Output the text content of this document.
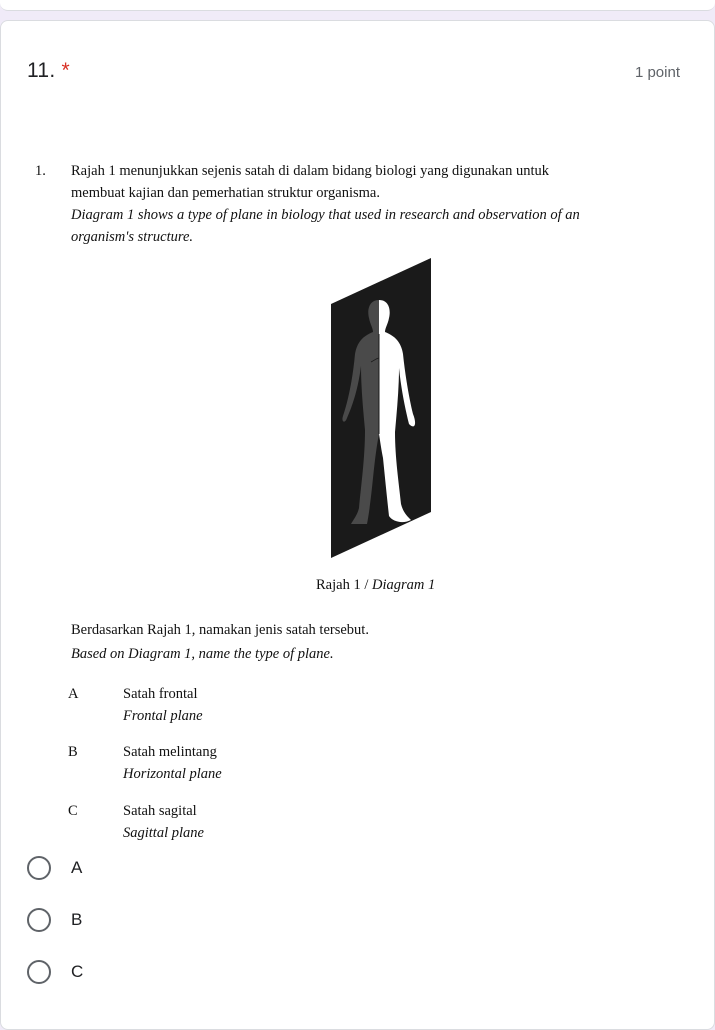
11. *	1 point
1. Rajah 1 menunjukkan sejenis satah di dalam bidang biologi yang digunakan untuk
membuat kajian dan pemerhatian struktur organisma.
Diagram 1 shows a type of plane in biology that used in research and observation of an
organism's structure.
Rajah 1 / Diagram 1
Berdasarkan Rajah 1, namakan jenis satah tersebut.
Based on Diagram 1, name the type of plane.
A	Satah frontal
Frontal plane
B	Satah melintang
Horizontal plane
C	Satah sagital
Sagittal plane
A
B
C
